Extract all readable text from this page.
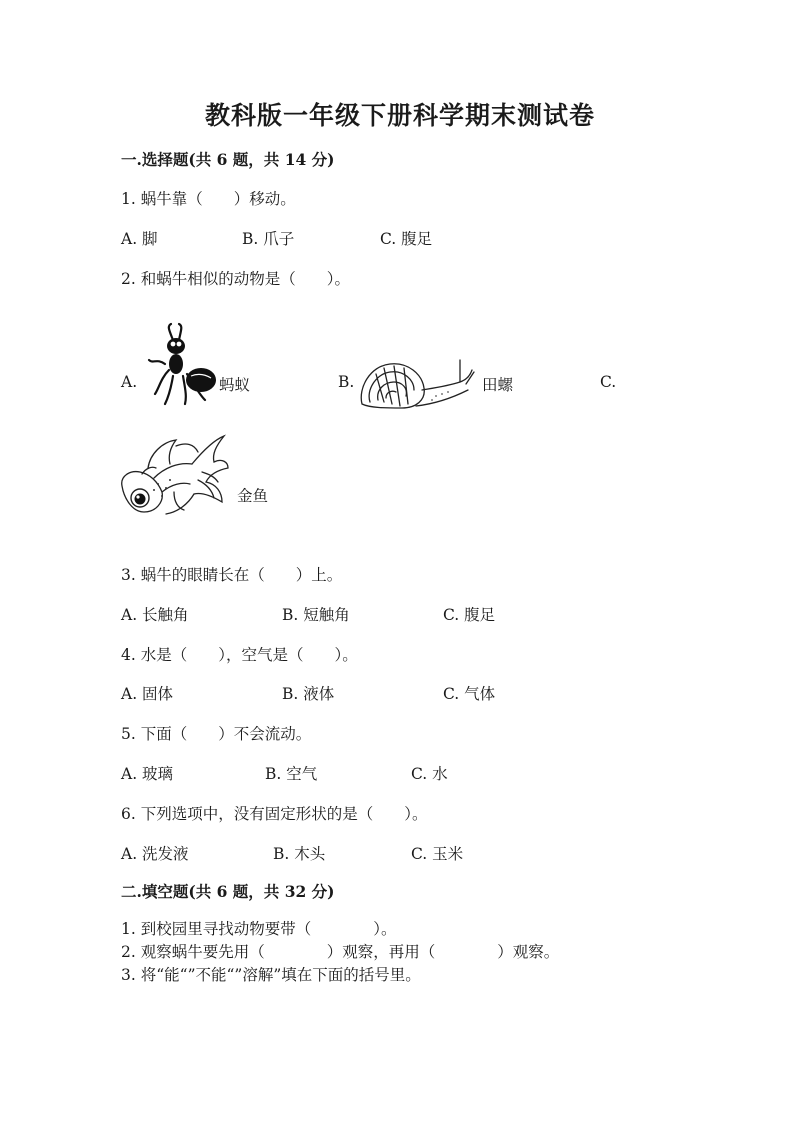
教科版一年级下册科学期末测试卷
一.选择题(共 6 题，共 14 分)
1. 蜗牛靠（　　）移动。
A. 脚	B. 爪子	C. 腹足
2. 和蜗牛相似的动物是（　　）。
A.	蚂蚁	B.	田螺	C.
金鱼
3. 蜗牛的眼睛长在（　　）上。
A. 长触角	B. 短触角	C. 腹足
4. 水是（　　），空气是（　　）。
A. 固体	B. 液体	C. 气体
5. 下面（　　）不会流动。
A. 玻璃	B. 空气	C. 水
6. 下列选项中，没有固定形状的是（　　）。
A. 洗发液	B. 木头	C. 玉米
二.填空题(共 6 题，共 32 分)
1. 到校园里寻找动物要带（　　　　）。
2. 观察蜗牛要先用（　　　　）观察，再用（　　　　）观察。
3. 将“能“”不能“”溶解”填在下面的括号里。
